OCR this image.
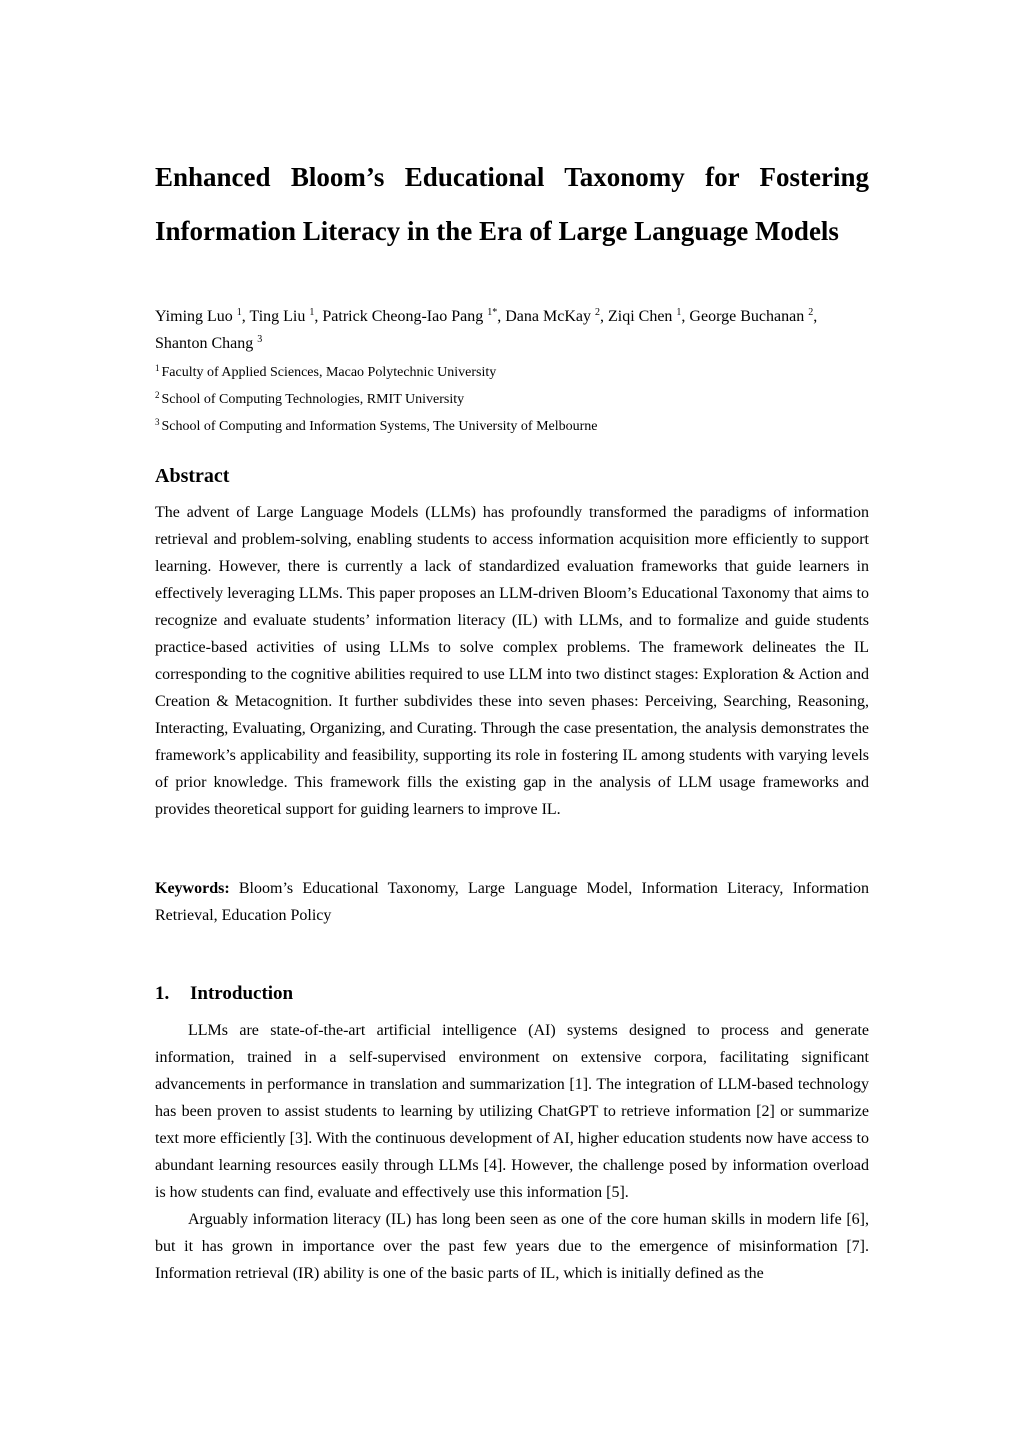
Enhanced Bloom’s Educational Taxonomy for Fostering
Information Literacy in the Era of Large Language Models

Yiming Luo $^1$, Ting Liu $^1$, Patrick Cheong-Iao Pang $^{1*}$, Dana McKay $^2$, Ziqi Chen $^1$, George Buchanan $^2$,
Shanton Chang $^3$

$^1$ Faculty of Applied Sciences, Macao Polytechnic University
$^2$ School of Computing Technologies, RMIT University
$^3$ School of Computing and Information Systems, The University of Melbourne
Abstract

The advent of Large Language Models (LLMs) has profoundly transformed the paradigms of information retrieval and problem-solving, enabling students to access information acquisition more efficiently to support learning. However, there is currently a lack of standardized evaluation frameworks that guide learners in effectively leveraging LLMs. This paper proposes an LLM-driven Bloom’s Educational Taxonomy that aims to recognize and evaluate students’ information literacy (IL) with LLMs, and to formalize and guide students practice-based activities of using LLMs to solve complex problems. The framework delineates the IL corresponding to the cognitive abilities required to use LLM into two distinct stages: Exploration & Action and Creation & Metacognition. It further subdivides these into seven phases: Perceiving, Searching, Reasoning, Interacting, Evaluating, Organizing, and Curating. Through the case presentation, the analysis demonstrates the framework’s applicability and feasibility, supporting its role in fostering IL among students with varying levels of prior knowledge. This framework fills the existing gap in the analysis of LLM usage frameworks and provides theoretical support for guiding learners to improve IL.

Keywords: Bloom’s Educational Taxonomy, Large Language Model, Information Literacy, Information Retrieval, Education Policy

1. Introduction

LLMs are state-of-the-art artificial intelligence (AI) systems designed to process and generate information, trained in a self-supervised environment on extensive corpora, facilitating significant advancements in performance in translation and summarization [1]. The integration of LLM-based technology has been proven to assist students to learning by utilizing ChatGPT to retrieve information [2] or summarize text more efficiently [3]. With the continuous development of AI, higher education students now have access to abundant learning resources easily through LLMs [4]. However, the challenge posed by information overload is how students can find, evaluate and effectively use this information [5].

Arguably information literacy (IL) has long been seen as one of the core human skills in modern life [6], but it has grown in importance over the past few years due to the emergence of misinformation [7]. Information retrieval (IR) ability is one of the basic parts of IL, which is initially defined as the
